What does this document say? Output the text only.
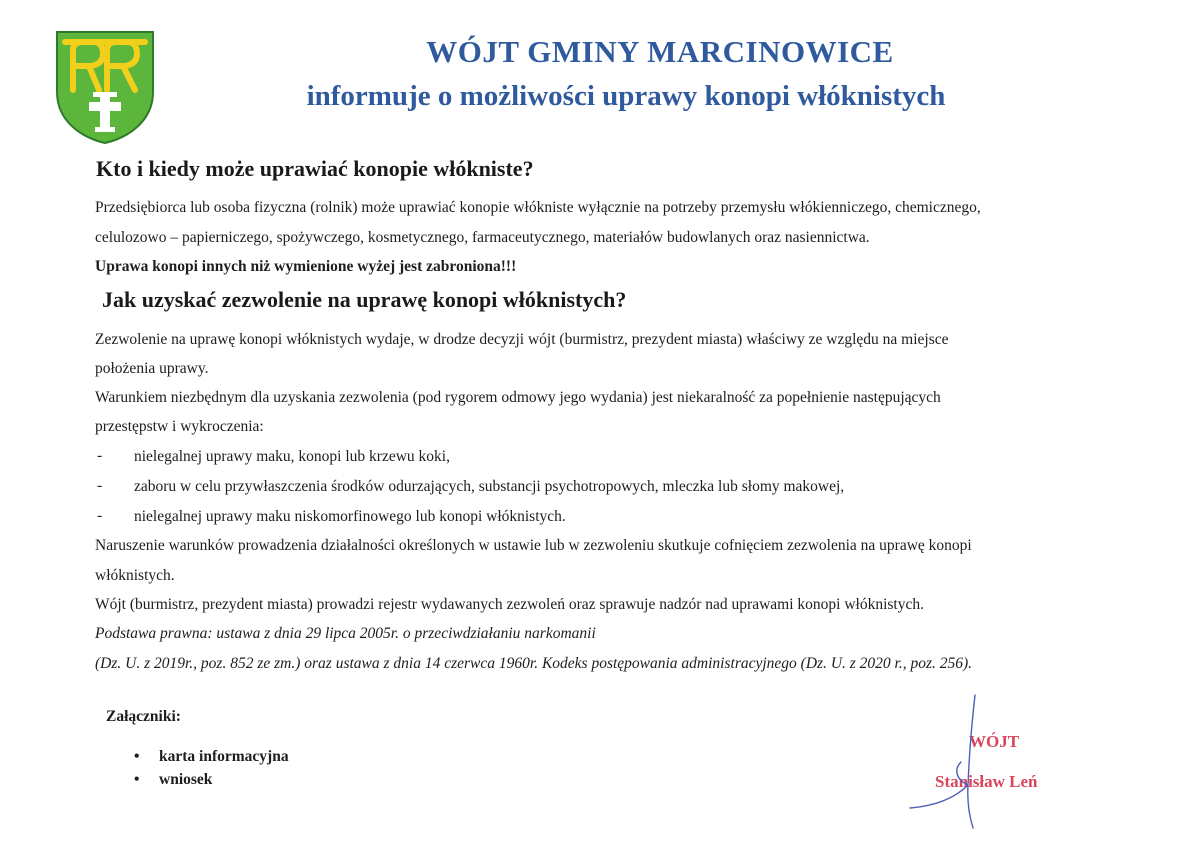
WÓJT GMINY MARCINOWICE
informuje o możliwości uprawy konopi włóknistych
Kto i kiedy może uprawiać konopie włókniste?
Przedsiębiorca lub osoba fizyczna (rolnik) może uprawiać konopie włókniste wyłącznie na potrzeby przemysłu włókienniczego, chemicznego,
celulozowo – papierniczego, spożywczego, kosmetycznego, farmaceutycznego, materiałów budowlanych oraz nasiennictwa.
Uprawa konopi innych niż wymienione wyżej jest zabroniona!!!
Jak uzyskać zezwolenie na uprawę konopi włóknistych?
Zezwolenie na uprawę konopi włóknistych wydaje, w drodze decyzji wójt (burmistrz, prezydent miasta) właściwy ze względu na miejsce
położenia uprawy.
Warunkiem niezbędnym dla uzyskania zezwolenia (pod rygorem odmowy jego wydania) jest niekaralność za popełnienie następujących
przestępstw i wykroczenia:
- nielegalnej uprawy maku, konopi lub krzewu koki,
- zaboru w celu przywłaszczenia środków odurzających, substancji psychotropowych, mleczka lub słomy makowej,
- nielegalnej uprawy maku niskomorfinowego lub konopi włóknistych.
Naruszenie warunków prowadzenia działalności określonych w ustawie lub w zezwoleniu skutkuje cofnięciem zezwolenia na uprawę konopi
włóknistych.
Wójt (burmistrz, prezydent miasta) prowadzi rejestr wydawanych zezwoleń oraz sprawuje nadzór nad uprawami konopi włóknistych.
Podstawa prawna: ustawa z dnia 29 lipca 2005r. o przeciwdziałaniu narkomanii
(Dz. U. z 2019r., poz. 852 ze zm.) oraz ustawa z dnia 14 czerwca 1960r. Kodeks postępowania administracyjnego (Dz. U. z 2020 r., poz. 256).
Załączniki:
• karta informacyjna
• wniosek
WÓJT
Stanisław Leń
